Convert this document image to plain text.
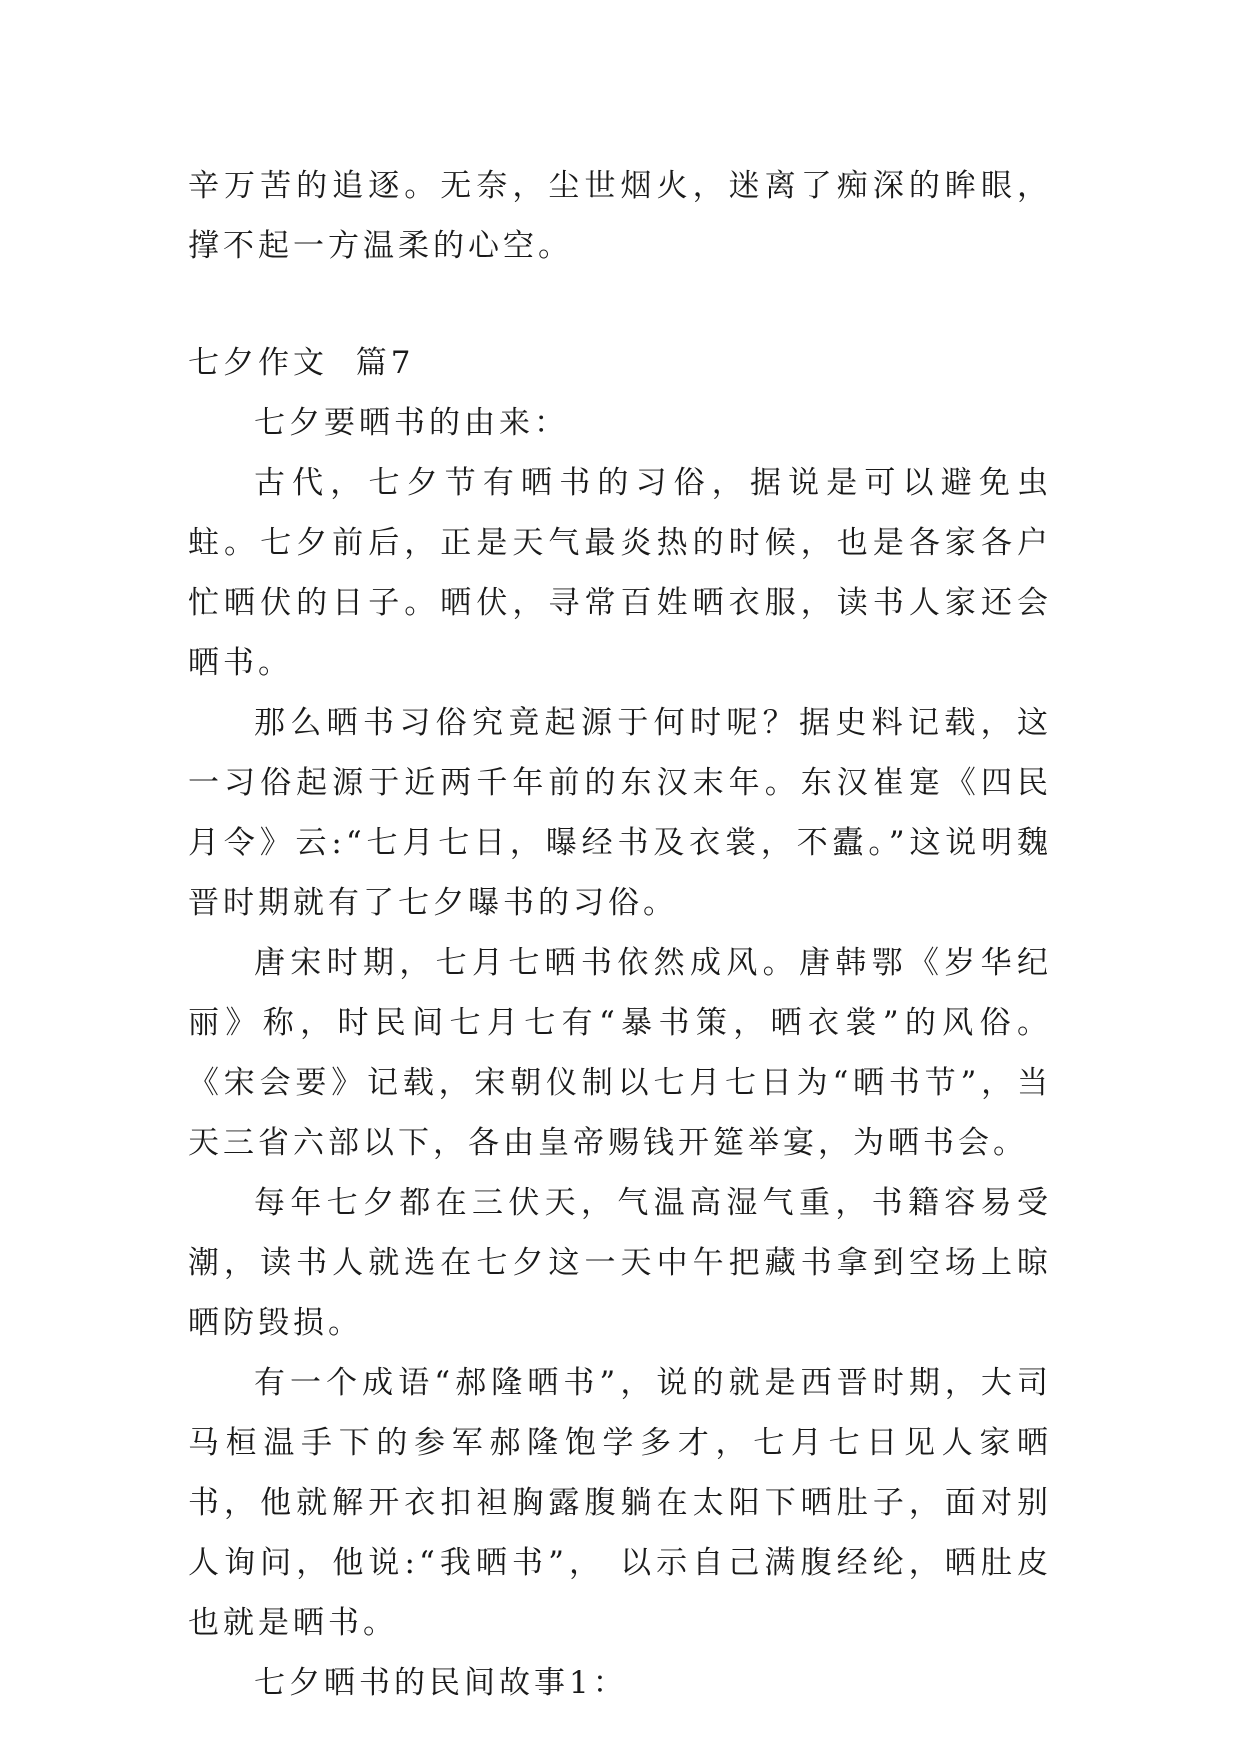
辛万苦的追逐。无奈，尘世烟火，迷离了痴深的眸眼，撑不起一方温柔的心空。

七夕作文  篇7

七夕要晒书的由来：

古代，七夕节有晒书的习俗，据说是可以避免虫蛀。七夕前后，正是天气最炎热的时候，也是各家各户忙晒伏的日子。晒伏，寻常百姓晒衣服，读书人家还会晒书。

那么晒书习俗究竟起源于何时呢？据史料记载，这一习俗起源于近两千年前的东汉末年。东汉崔寔《四民月令》云:“七月七日，曝经书及衣裳，不蠹。”这说明魏晋时期就有了七夕曝书的习俗。

唐宋时期，七月七晒书依然成风。唐韩鄂《岁华纪丽》称，时民间七月七有“暴书策，晒衣裳”的风俗。《宋会要》记载，宋朝仪制以七月七日为“晒书节”，当天三省六部以下，各由皇帝赐钱开筵举宴，为晒书会。

每年七夕都在三伏天，气温高湿气重，书籍容易受潮，读书人就选在七夕这一天中午把藏书拿到空场上晾晒防毁损。

有一个成语“郝隆晒书”，说的就是西晋时期，大司马桓温手下的参军郝隆饱学多才，七月七日见人家晒书，他就解开衣扣袒胸露腹躺在太阳下晒肚子，面对别人询问，他说:“我晒书”， 以示自己满腹经纶，晒肚皮也就是晒书。

七夕晒书的民间故事1：
